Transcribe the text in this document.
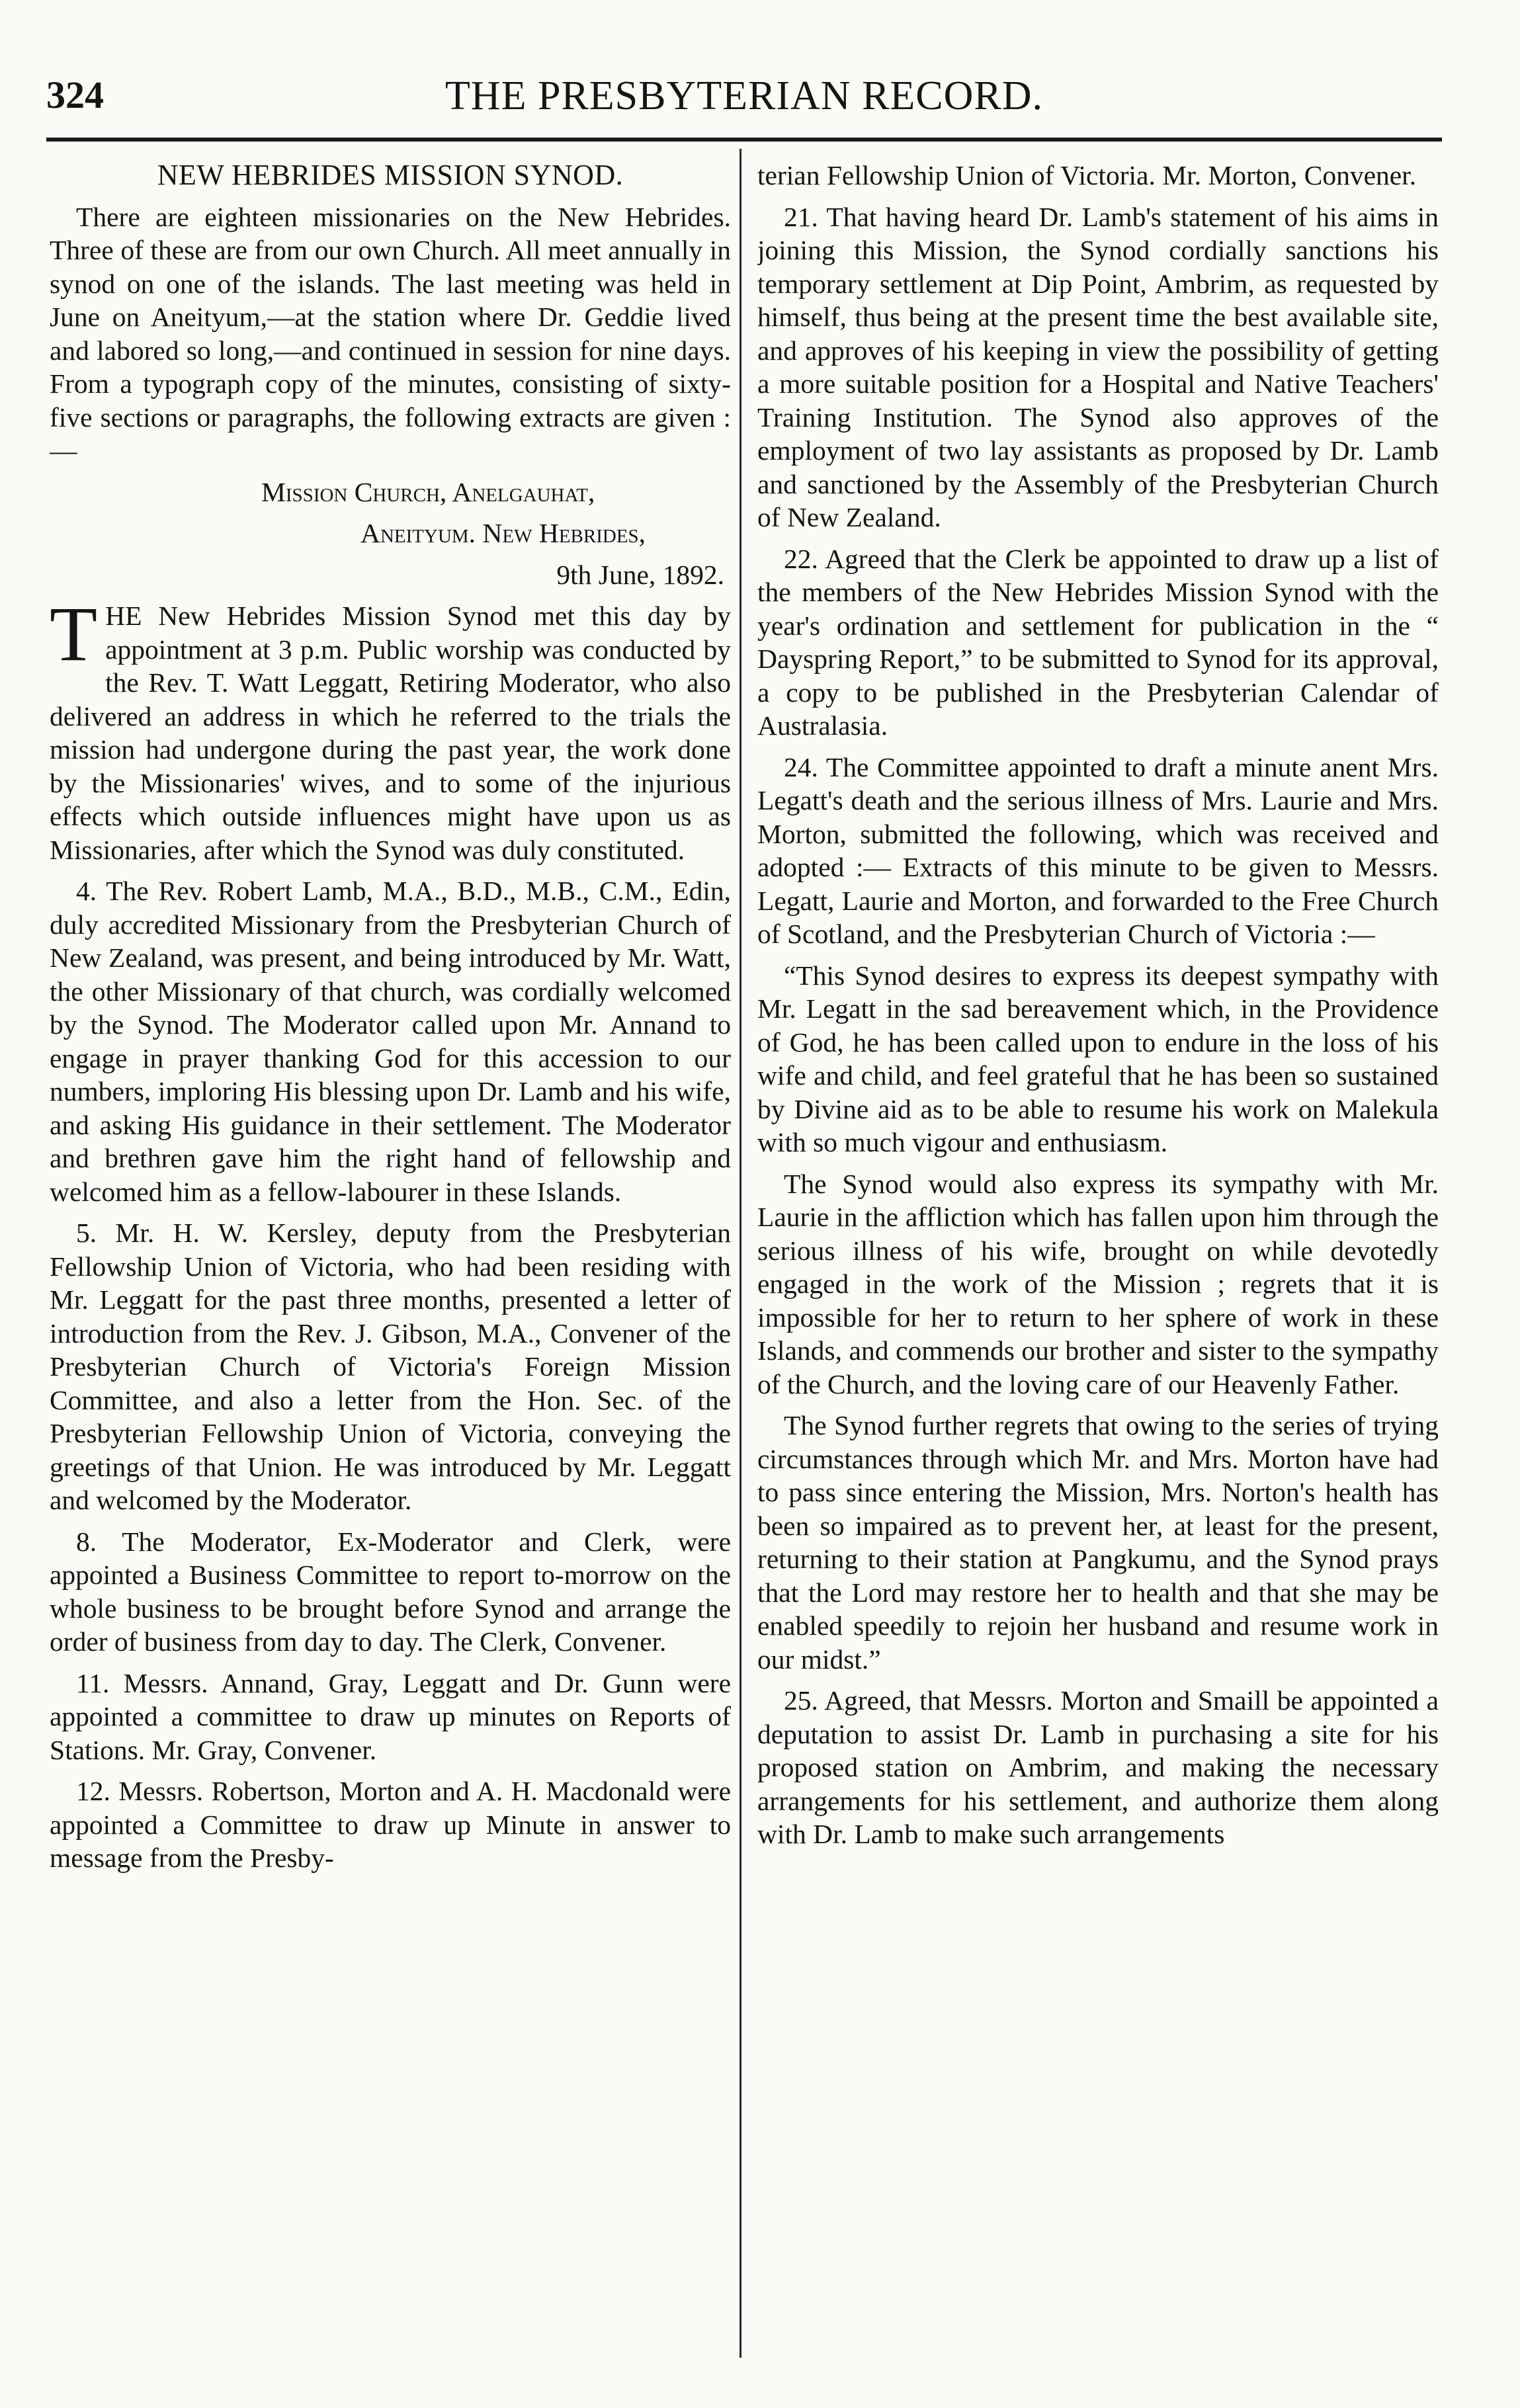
324	THE PRESBYTERIAN RECORD.
NEW HEBRIDES MISSION SYNOD.

There are eighteen missionaries on the New Hebrides. Three of these are from our own Church. All meet annually in synod on one of the islands. The last meeting was held in June on Aneityum,—at the station where Dr. Geddie lived and labored so long,—and continued in session for nine days. From a typograph copy of the minutes, consisting of sixty-five sections or paragraphs, the following extracts are given :—

Mission Church, Anelgauhat,

Aneityum. New Hebrides,

9th June, 1892.

THE New Hebrides Mission Synod met this day by appointment at 3 p.m. Public worship was conducted by the Rev. T. Watt Leggatt, Retiring Moderator, who also delivered an address in which he referred to the trials the mission had undergone during the past year, the work done by the Missionaries' wives, and to some of the injurious effects which outside influences might have upon us as Missionaries, after which the Synod was duly constituted.

4. The Rev. Robert Lamb, M.A., B.D., M.B., C.M., Edin, duly accredited Missionary from the Presbyterian Church of New Zealand, was present, and being introduced by Mr. Watt, the other Missionary of that church, was cordially welcomed by the Synod. The Moderator called upon Mr. Annand to engage in prayer thanking God for this accession to our numbers, imploring His blessing upon Dr. Lamb and his wife, and asking His guidance in their settlement. The Moderator and brethren gave him the right hand of fellowship and welcomed him as a fellow-labourer in these Islands.

5. Mr. H. W. Kersley, deputy from the Presbyterian Fellowship Union of Victoria, who had been residing with Mr. Leggatt for the past three months, presented a letter of introduction from the Rev. J. Gibson, M.A., Convener of the Presbyterian Church of Victoria's Foreign Mission Committee, and also a letter from the Hon. Sec. of the Presbyterian Fellowship Union of Victoria, conveying the greetings of that Union. He was introduced by Mr. Leggatt and welcomed by the Moderator.

8. The Moderator, Ex-Moderator and Clerk, were appointed a Business Committee to report to-morrow on the whole business to be brought before Synod and arrange the order of business from day to day. The Clerk, Convener.

11. Messrs. Annand, Gray, Leggatt and Dr. Gunn were appointed a committee to draw up minutes on Reports of Stations. Mr. Gray, Convener.

12. Messrs. Robertson, Morton and A. H. Macdonald were appointed a Committee to draw up Minute in answer to message from the Presby-

terian Fellowship Union of Victoria. Mr. Morton, Convener.

21. That having heard Dr. Lamb's statement of his aims in joining this Mission, the Synod cordially sanctions his temporary settlement at Dip Point, Ambrim, as requested by himself, thus being at the present time the best available site, and approves of his keeping in view the possibility of getting a more suitable position for a Hospital and Native Teachers' Training Institution. The Synod also approves of the employment of two lay assistants as proposed by Dr. Lamb and sanctioned by the Assembly of the Presbyterian Church of New Zealand.

22. Agreed that the Clerk be appointed to draw up a list of the members of the New Hebrides Mission Synod with the year's ordination and settlement for publication in the “ Dayspring Report,” to be submitted to Synod for its approval, a copy to be published in the Presbyterian Calendar of Australasia.

24. The Committee appointed to draft a minute anent Mrs. Legatt's death and the serious illness of Mrs. Laurie and Mrs. Morton, submitted the following, which was received and adopted :— Extracts of this minute to be given to Messrs. Legatt, Laurie and Morton, and forwarded to the Free Church of Scotland, and the Presbyterian Church of Victoria :—

“This Synod desires to express its deepest sympathy with Mr. Legatt in the sad bereavement which, in the Providence of God, he has been called upon to endure in the loss of his wife and child, and feel grateful that he has been so sustained by Divine aid as to be able to resume his work on Malekula with so much vigour and enthusiasm.

The Synod would also express its sympathy with Mr. Laurie in the affliction which has fallen upon him through the serious illness of his wife, brought on while devotedly engaged in the work of the Mission ; regrets that it is impossible for her to return to her sphere of work in these Islands, and commends our brother and sister to the sympathy of the Church, and the loving care of our Heavenly Father.

The Synod further regrets that owing to the series of trying circumstances through which Mr. and Mrs. Morton have had to pass since entering the Mission, Mrs. Norton's health has been so impaired as to prevent her, at least for the present, returning to their station at Pangkumu, and the Synod prays that the Lord may restore her to health and that she may be enabled speedily to rejoin her husband and resume work in our midst.”

25. Agreed, that Messrs. Morton and Smaill be appointed a deputation to assist Dr. Lamb in purchasing a site for his proposed station on Ambrim, and making the necessary arrangements for his settlement, and authorize them along with Dr. Lamb to make such arrangements
